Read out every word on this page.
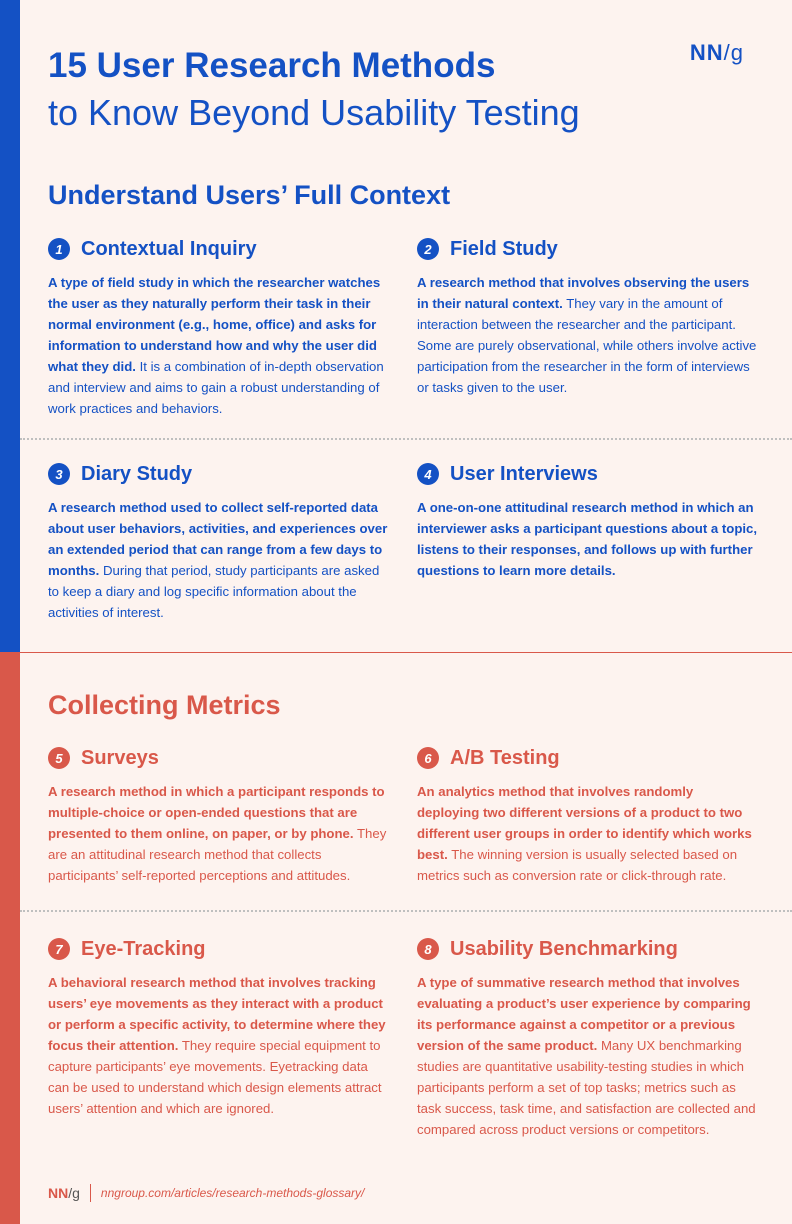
NN/g
15 User Research Methods
to Know Beyond Usability Testing
Understand Users’ Full Context
1 Contextual Inquiry

A type of field study in which the researcher watches the user as they naturally perform their task in their normal environment (e.g., home, office) and asks for information to understand how and why the user did what they did. It is a combination of in-depth observation and interview and aims to gain a robust understanding of work practices and behaviors.

2 Field Study

A research method that involves observing the users in their natural context. They vary in the amount of interaction between the researcher and the participant. Some are purely observational, while others involve active participation from the researcher in the form of interviews or tasks given to the user.

3 Diary Study

A research method used to collect self-reported data about user behaviors, activities, and experiences over an extended period that can range from a few days to months. During that period, study participants are asked to keep a diary and log specific information about the activities of interest.

4 User Interviews

A one-on-one attitudinal research method in which an interviewer asks a participant questions about a topic, listens to their responses, and follows up with further questions to learn more details.

Collecting Metrics
5 Surveys

A research method in which a participant responds to multiple-choice or open-ended questions that are presented to them online, on paper, or by phone. They are an attitudinal research method that collects participants’ self-reported perceptions and attitudes.

6 A/B Testing

An analytics method that involves randomly deploying two different versions of a product to two different user groups in order to identify which works best. The winning version is usually selected based on metrics such as conversion rate or click-through rate.

7 Eye-Tracking

A behavioral research method that involves tracking users’ eye movements as they interact with a product or perform a specific activity, to determine where they focus their attention. They require special equipment to capture participants’ eye movements. Eyetracking data can be used to understand which design elements attract users’ attention and which are ignored.

8 Usability Benchmarking

A type of summative research method that involves evaluating a product’s user experience by comparing its performance against a competitor or a previous version of the same product. Many UX benchmarking studies are quantitative usability-testing studies in which participants perform a set of top tasks; metrics such as task success, task time, and satisfaction are collected and compared across product versions or competitors.

NN/g nngroup.com/articles/research-methods-glossary/
